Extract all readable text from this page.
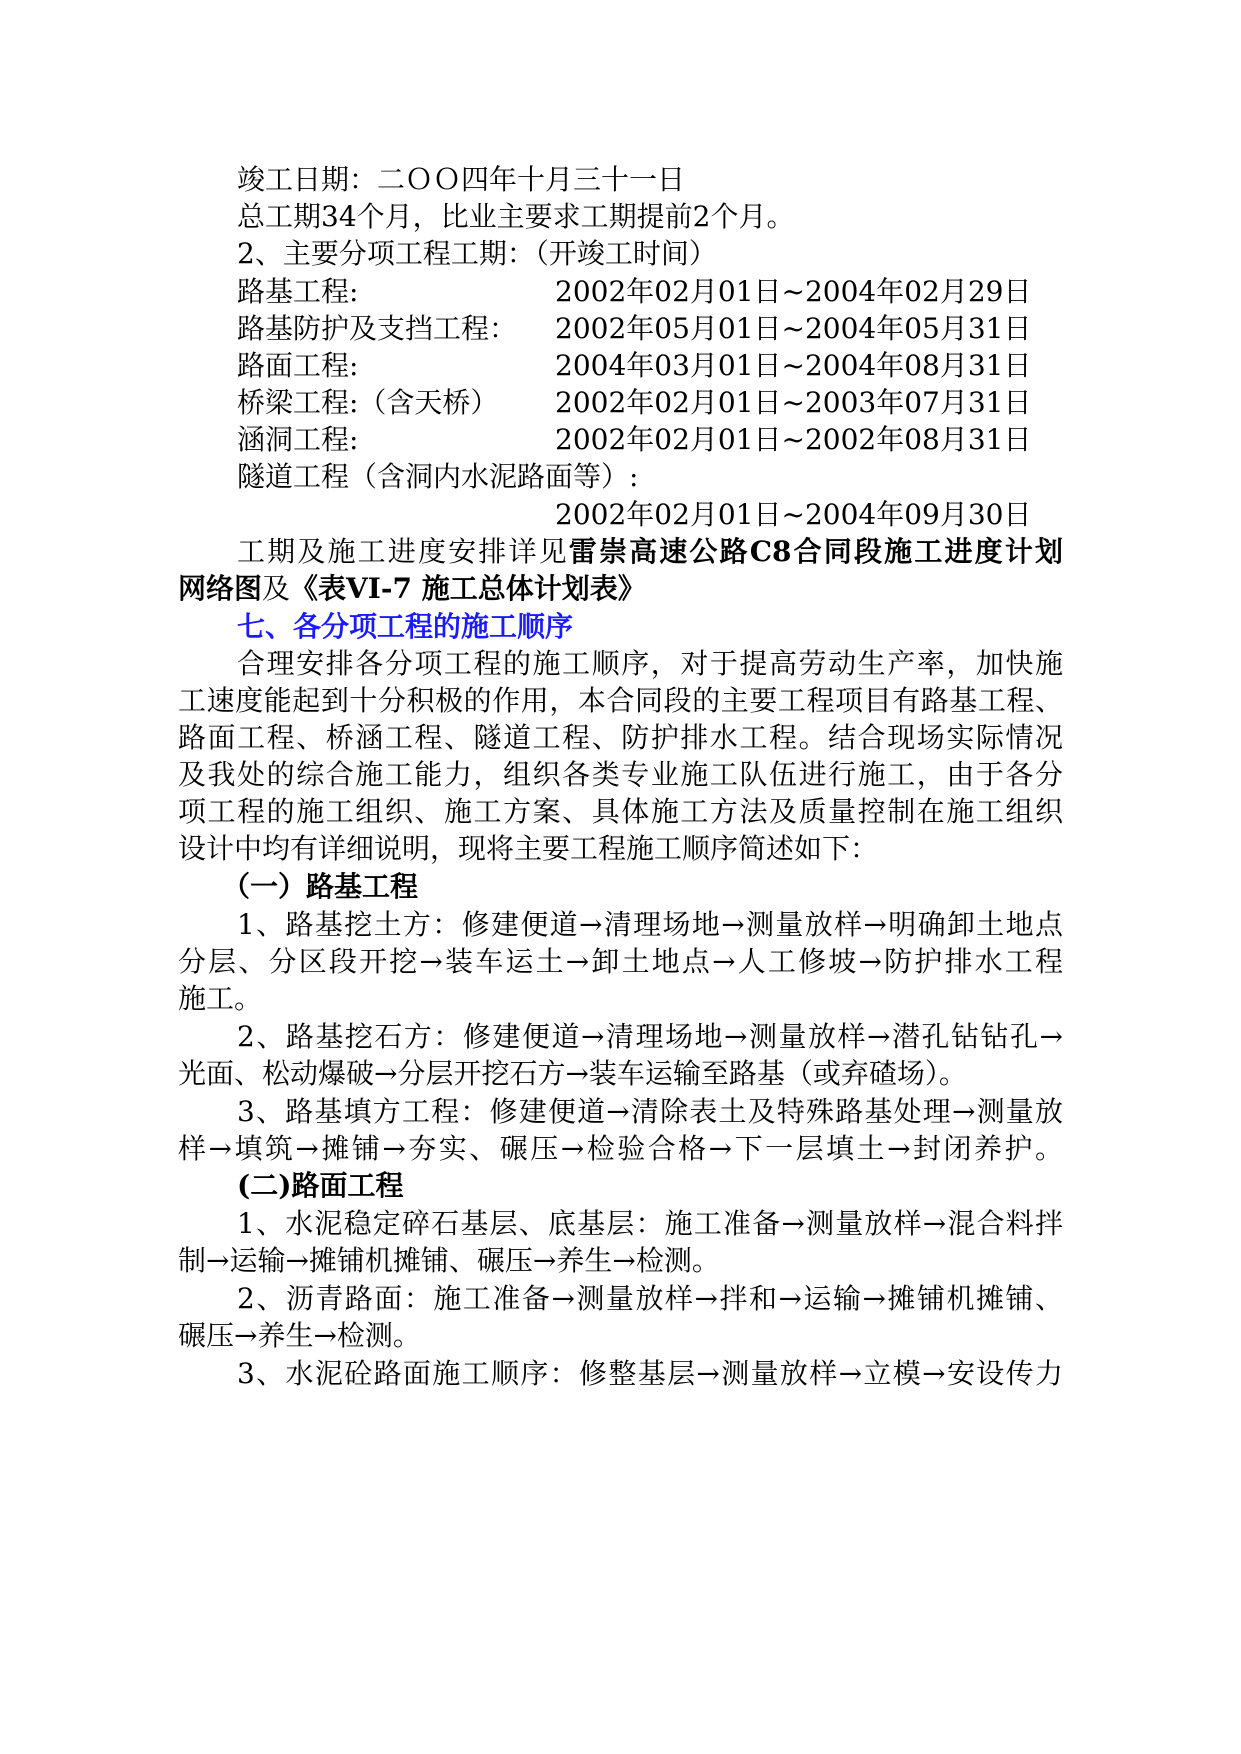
竣工日期：二ＯＯ四年十月三十一日
总工期34个月，比业主要求工期提前2个月。
2、主要分项工程工期：（开竣工时间）
路基工程:	2002年02月01日~2004年02月29日
路基防护及支挡工程： 2002年05月01日~2004年05月31日
路面工程:	2004年03月01日~2004年08月31日
桥梁工程:（含天桥） 2002年02月01日~2003年07月31日
涵洞工程:	2002年02月01日~2002年08月31日
隧道工程（含洞内水泥路面等）:
2002年02月01日~2004年09月30日
工期及施工进度安排详见雷崇高速公路C8合同段施工进度计划
网络图及《表VI-7 施工总体计划表》
七、各分项工程的施工顺序
合理安排各分项工程的施工顺序，对于提高劳动生产率，加快施
工速度能起到十分积极的作用，本合同段的主要工程项目有路基工程、
路面工程、桥涵工程、隧道工程、防护排水工程。结合现场实际情况
及我处的综合施工能力，组织各类专业施工队伍进行施工，由于各分
项工程的施工组织、施工方案、具体施工方法及质量控制在施工组织
设计中均有详细说明，现将主要工程施工顺序简述如下：
（一）路基工程
1、路基挖土方：修建便道→清理场地→测量放样→明确卸土地点
分层、分区段开挖→装车运土→卸土地点→人工修坡→防护排水工程
施工。
2、路基挖石方：修建便道→清理场地→测量放样→潜孔钻钻孔→
光面、松动爆破→分层开挖石方→装车运输至路基（或弃碴场）。
3、路基填方工程：修建便道→清除表土及特殊路基处理→测量放
样→填筑→摊铺→夯实、碾压→检验合格→下一层填土→封闭养护。
(二)路面工程
1、水泥稳定碎石基层、底基层：施工准备→测量放样→混合料拌
制→运输→摊铺机摊铺、碾压→养生→检测。
2、沥青路面：施工准备→测量放样→拌和→运输→摊铺机摊铺、
碾压→养生→检测。
3、水泥砼路面施工顺序：修整基层→测量放样→立模→安设传力
